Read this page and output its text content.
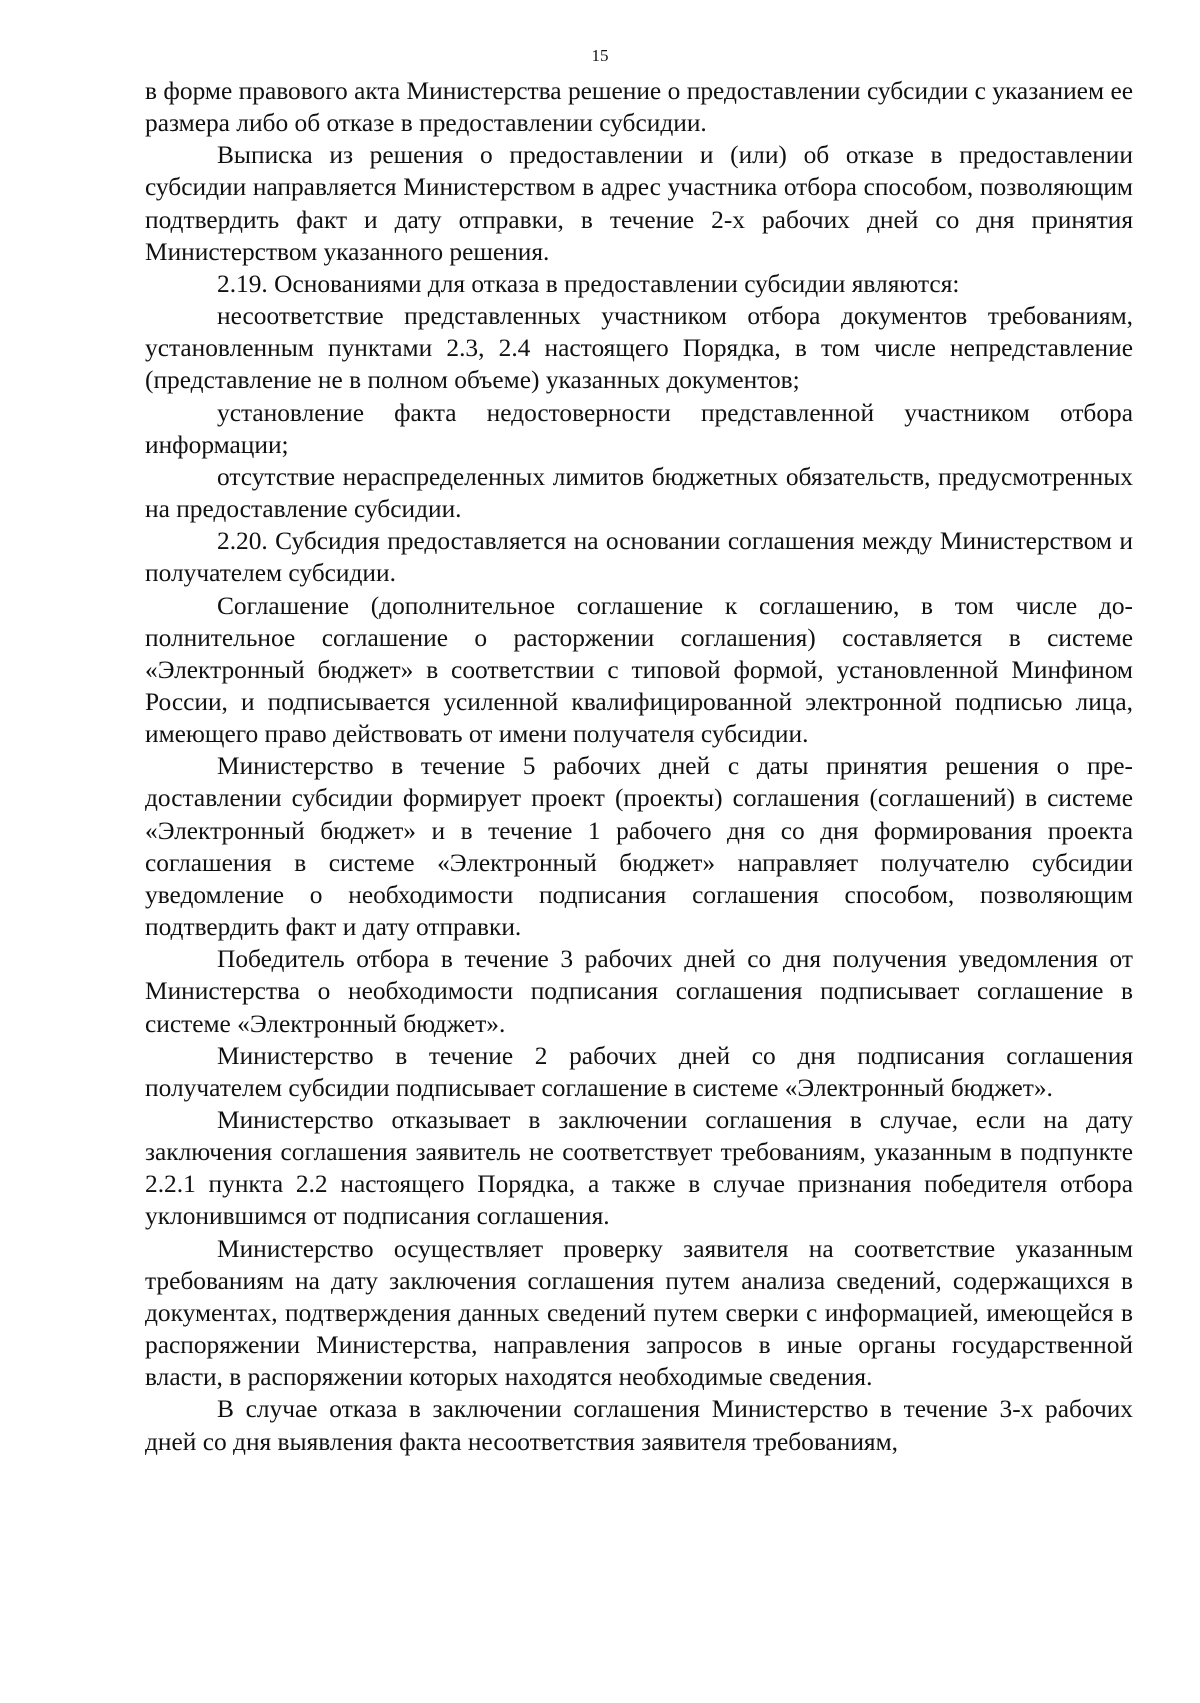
15

в форме правового акта Министерства решение о предоставлении субсидии с указанием ее размера либо об отказе в предоставлении субсидии.

Выписка из решения о предоставлении и (или) об отказе в предоставлении субсидии направляется Министерством в адрес участника отбора способом, позволяющим подтвердить факт и дату отправки, в течение 2-х рабочих дней со дня принятия Министерством указанного решения.

2.19. Основаниями для отказа в предоставлении субсидии являются:

несоответствие представленных участником отбора документов требованиям, установленным пунктами 2.3, 2.4 настоящего Порядка, в том числе непредставление (представление не в полном объеме) указанных документов;

установление факта недостоверности представленной участником отбора информации;

отсутствие нераспределенных лимитов бюджетных обязательств, предусмотренных на предоставление субсидии.

2.20. Субсидия предоставляется на основании соглашения между Министерством и получателем субсидии.

Соглашение (дополнительное соглашение к соглашению, в том числе дополнительное соглашение о расторжении соглашения) составляется в системе «Электронный бюджет» в соответствии с типовой формой, установленной Минфином России, и подписывается усиленной квалифицированной электронной подписью лица, имеющего право действовать от имени получателя субсидии.

Министерство в течение 5 рабочих дней с даты принятия решения о предоставлении субсидии формирует проект (проекты) соглашения (соглашений) в системе «Электронный бюджет» и в течение 1 рабочего дня со дня формирования проекта соглашения в системе «Электронный бюджет» направляет получателю субсидии уведомление о необходимости подписания соглашения способом, позволяющим подтвердить факт и дату отправки.

Победитель отбора в течение 3 рабочих дней со дня получения уведомления от Министерства о необходимости подписания соглашения подписывает соглашение в системе «Электронный бюджет».

Министерство в течение 2 рабочих дней со дня подписания соглашения получателем субсидии подписывает соглашение в системе «Электронный бюджет».

Министерство отказывает в заключении соглашения в случае, если на дату заключения соглашения заявитель не соответствует требованиям, указанным в подпункте 2.2.1 пункта 2.2 настоящего Порядка, а также в случае признания победителя отбора уклонившимся от подписания соглашения.

Министерство осуществляет проверку заявителя на соответствие указанным требованиям на дату заключения соглашения путем анализа сведений, содержащихся в документах, подтверждения данных сведений путем сверки с информацией, имеющейся в распоряжении Министерства, направления запросов в иные органы государственной власти, в распоряжении которых находятся необходимые сведения.

В случае отказа в заключении соглашения Министерство в течение 3-х рабочих дней со дня выявления факта несоответствия заявителя требованиям,
